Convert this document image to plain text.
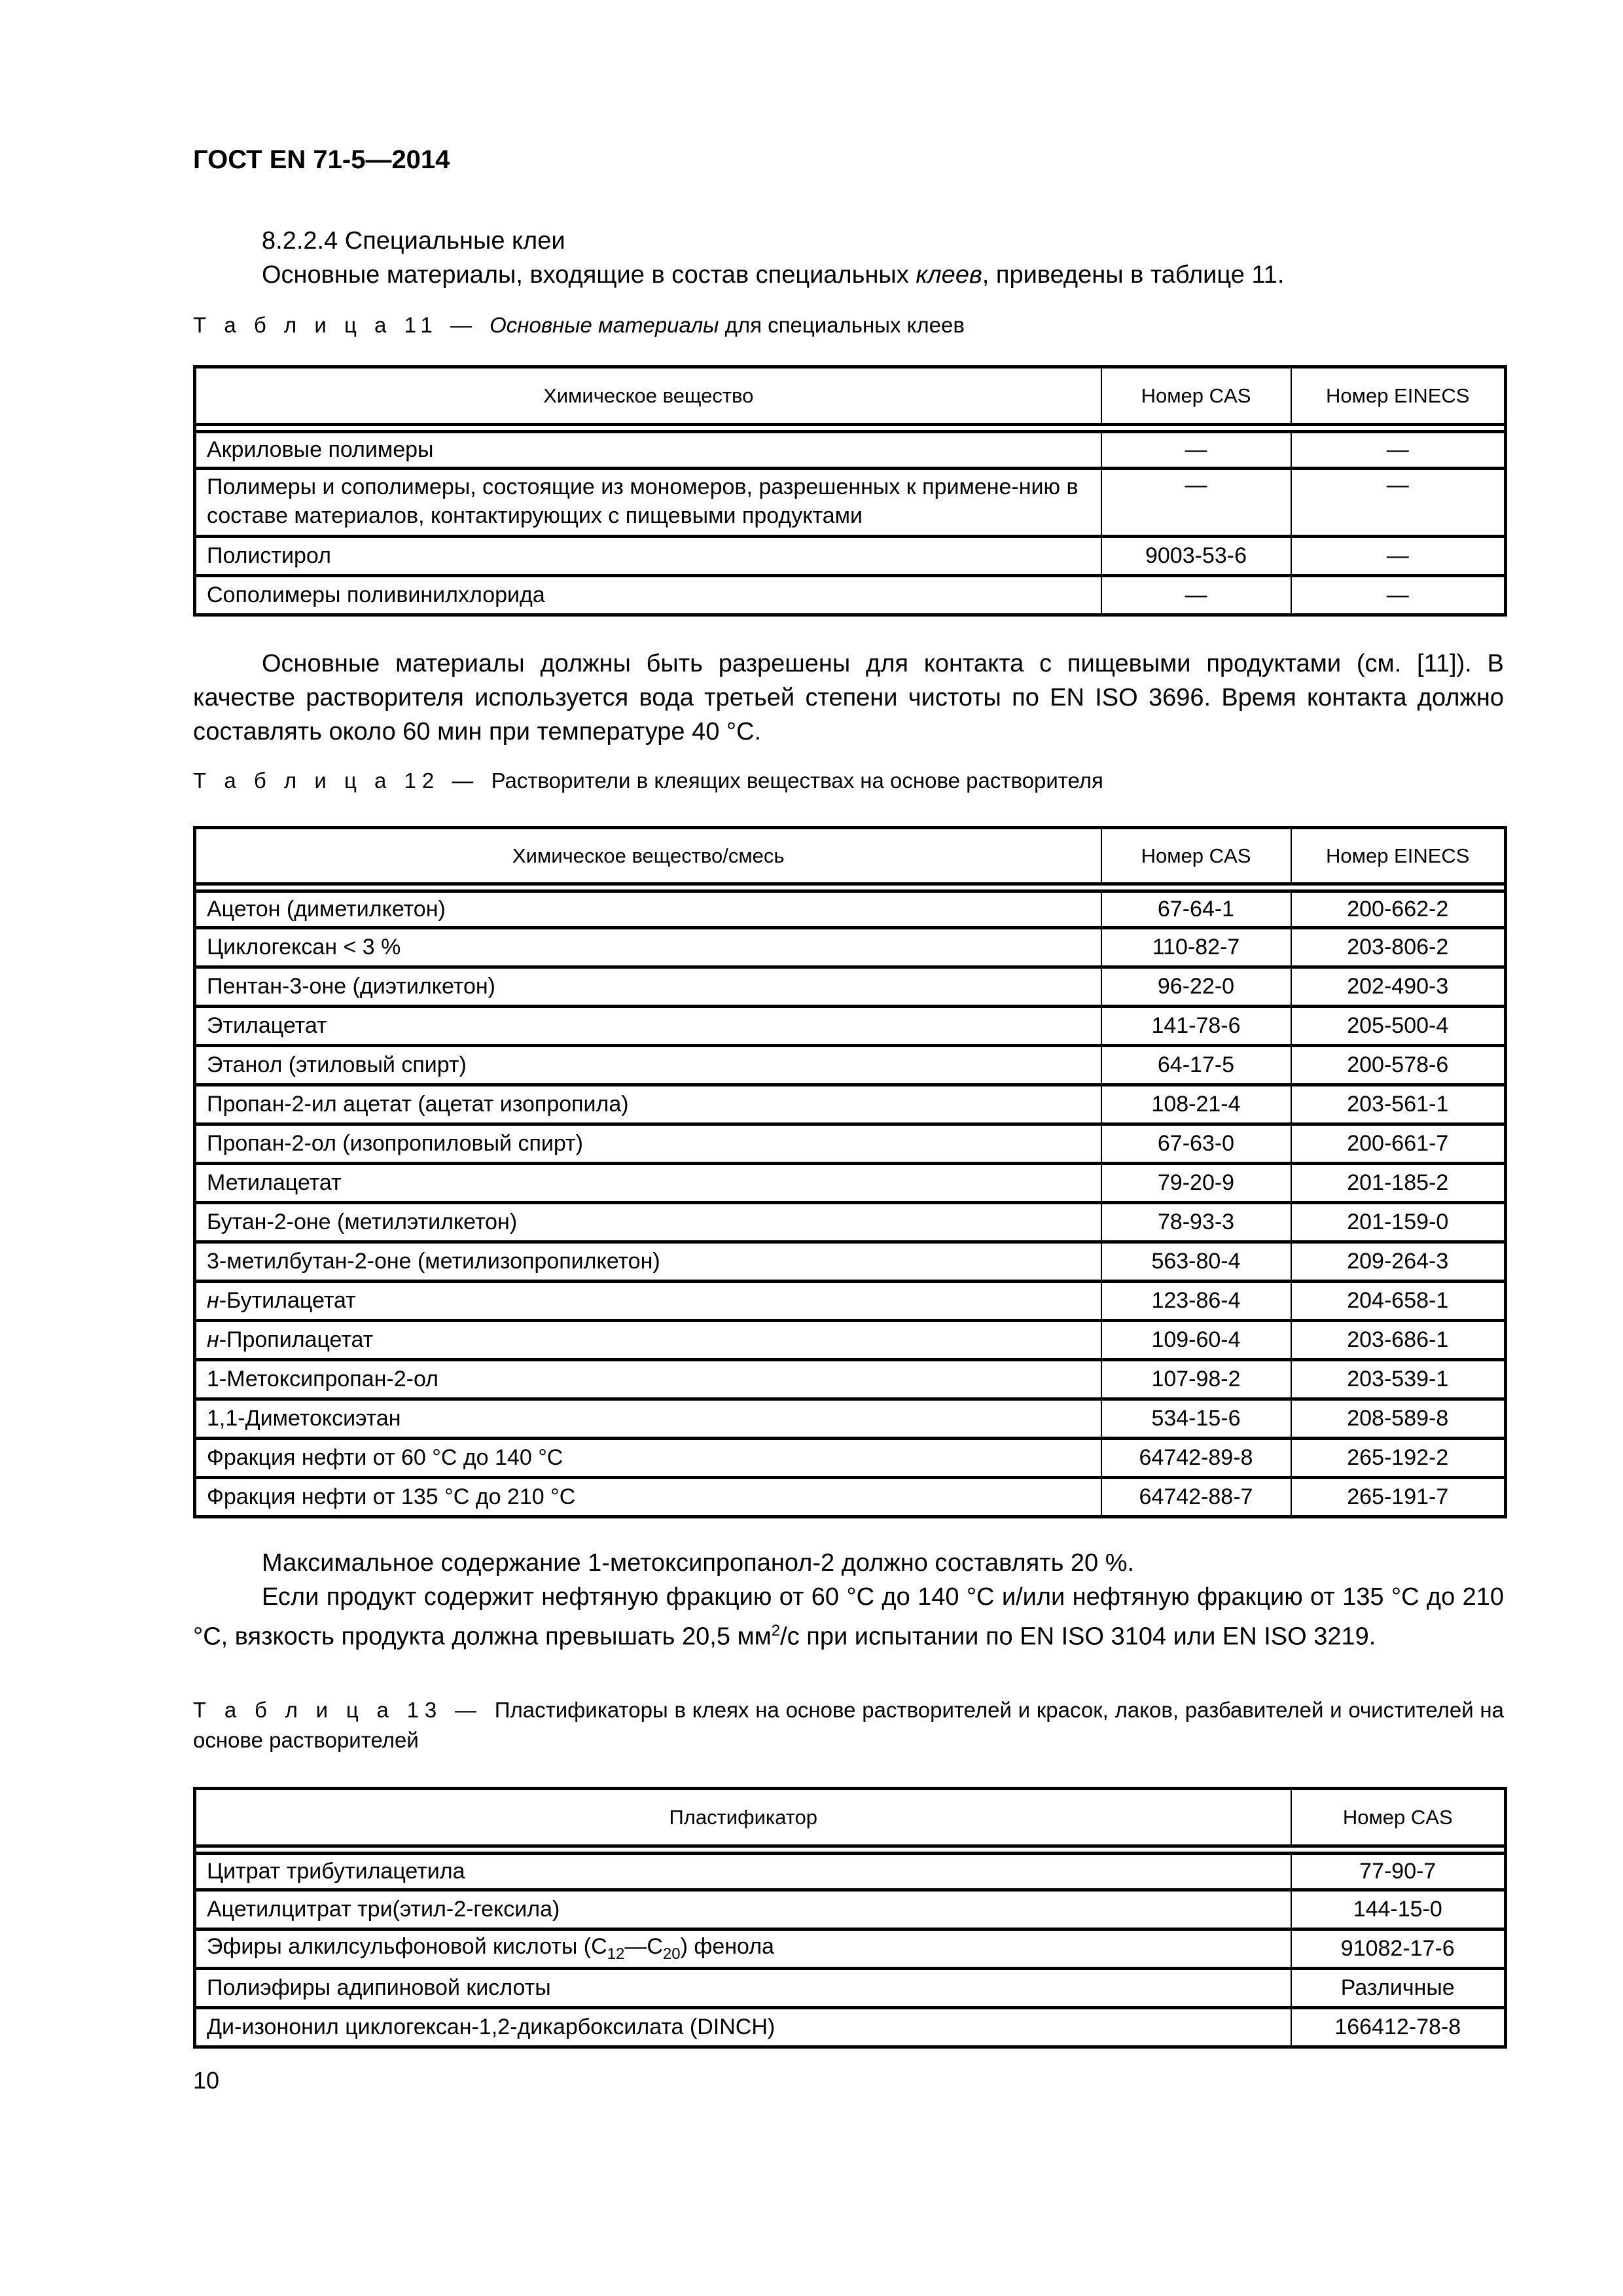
ГОСТ EN 71-5—2014
8.2.2.4 Специальные клеи
Основные материалы, входящие в состав специальных клеев, приведены в таблице 11.
Т а б л и ц а 11 — Основные материалы для специальных клеев
Химическое вещество	Номер CAS	Номер EINECS

Акриловые полимеры	—	—
Полимеры и сополимеры, состоящие из мономеров, разрешенных к примене-нию в составе материалов, контактирующих с пищевыми продуктами	—	—
Полистирол	9003-53-6	—
Сополимеры поливинилхлорида	—	—
Основные материалы должны быть разрешены для контакта с пищевыми продуктами (см. [11]). В качестве растворителя используется вода третьей степени чистоты по EN ISO 3696. Время контакта должно составлять около 60 мин при температуре 40 °С.
Т а б л и ц а 12 — Растворители в клеящих веществах на основе растворителя
Химическое вещество/смесь	Номер CAS	Номер EINECS

Ацетон (диметилкетон)	67-64-1	200-662-2
Циклогексан < 3 %	110-82-7	203-806-2
Пентан-3-оне (диэтилкетон)	96-22-0	202-490-3
Этилацетат	141-78-6	205-500-4
Этанол (этиловый спирт)	64-17-5	200-578-6
Пропан-2-ил ацетат (ацетат изопропила)	108-21-4	203-561-1
Пропан-2-ол (изопропиловый спирт)	67-63-0	200-661-7
Метилацетат	79-20-9	201-185-2
Бутан-2-оне (метилэтилкетон)	78-93-3	201-159-0
3-метилбутан-2-оне (метилизопропилкетон)	563-80-4	209-264-3
н-Бутилацетат	123-86-4	204-658-1
н-Пропилацетат	109-60-4	203-686-1
1-Метоксипропан-2-ол	107-98-2	203-539-1
1,1-Диметоксиэтан	534-15-6	208-589-8
Фракция нефти от 60 °С до 140 °С	64742-89-8	265-192-2
Фракция нефти от 135 °С до 210 °С	64742-88-7	265-191-7
Максимальное содержание 1-метоксипропанол-2 должно составлять 20 %.
Если продукт содержит нефтяную фракцию от 60 °С до 140 °С и/или нефтяную фракцию от 135 °С до 210 °С, вязкость продукта должна превышать 20,5 $мм^2/с$ при испытании по EN ISO 3104 или EN ISO 3219.
Т а б л и ц а 13 — Пластификаторы в клеях на основе растворителей и красок, лаков, разбавителей и очистителей на основе растворителей
Пластификатор	Номер CAS

Цитрат трибутилацетила	77-90-7
Ацетилцитрат три(этил-2-гексила)	144-15-0
Эфиры алкилсульфоновой кислоты $(С_{12}—С_{20})$ фенола	91082-17-6
Полиэфиры адипиновой кислоты	Различные
Ди-изононил циклогексан-1,2-дикарбоксилата (DINCH)	166412-78-8
10
